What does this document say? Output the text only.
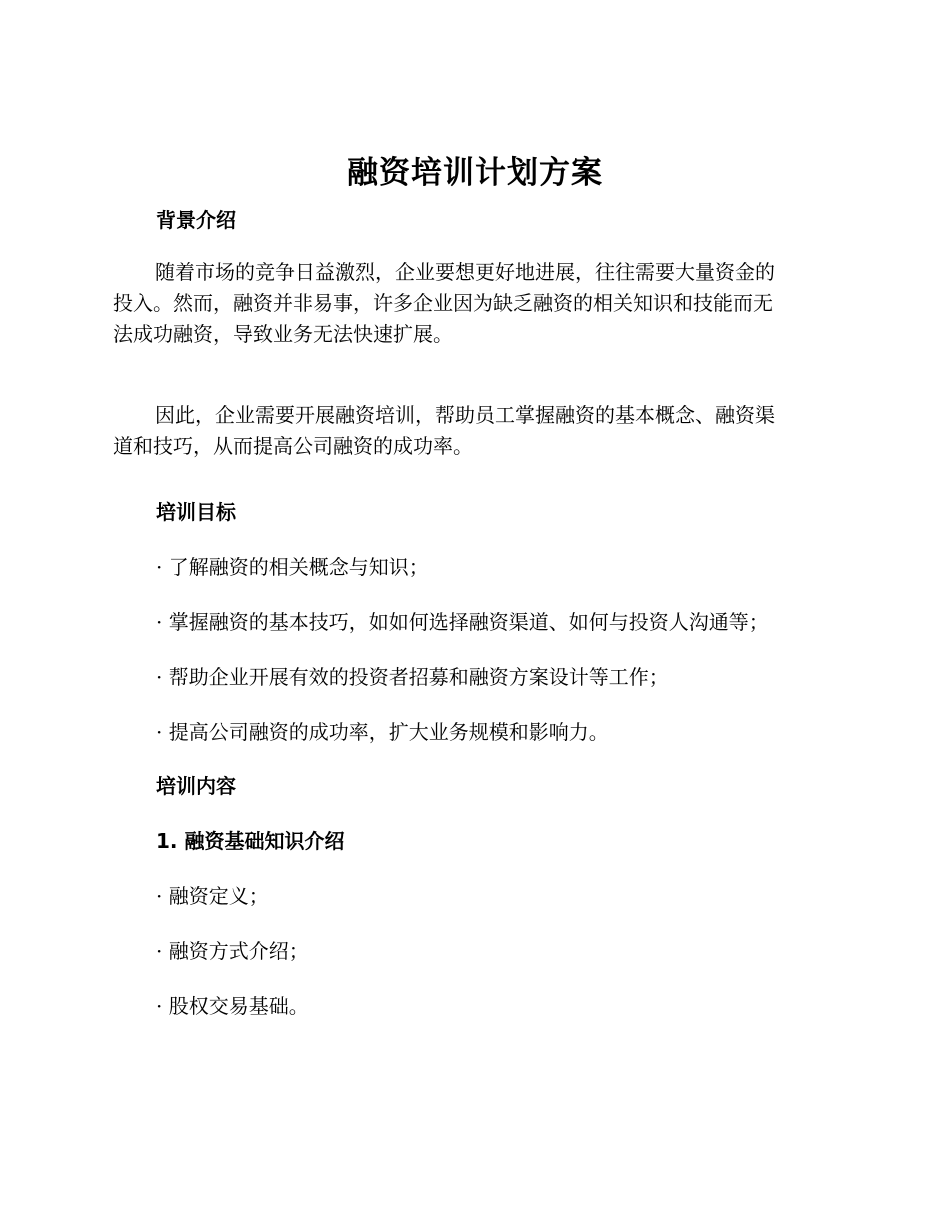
融资培训计划方案
背景介绍
随着市场的竞争日益激烈，企业要想更好地进展，往往需要大量资金的
投入。然而，融资并非易事，许多企业因为缺乏融资的相关知识和技能而无
法成功融资，导致业务无法快速扩展。
因此，企业需要开展融资培训，帮助员工掌握融资的基本概念、融资渠
道和技巧，从而提高公司融资的成功率。
培训目标
· 了解融资的相关概念与知识；
· 掌握融资的基本技巧，如如何选择融资渠道、如何与投资人沟通等；
· 帮助企业开展有效的投资者招募和融资方案设计等工作；
· 提高公司融资的成功率，扩大业务规模和影响力。
培训内容
1. 融资基础知识介绍
· 融资定义；
· 融资方式介绍；
· 股权交易基础。
